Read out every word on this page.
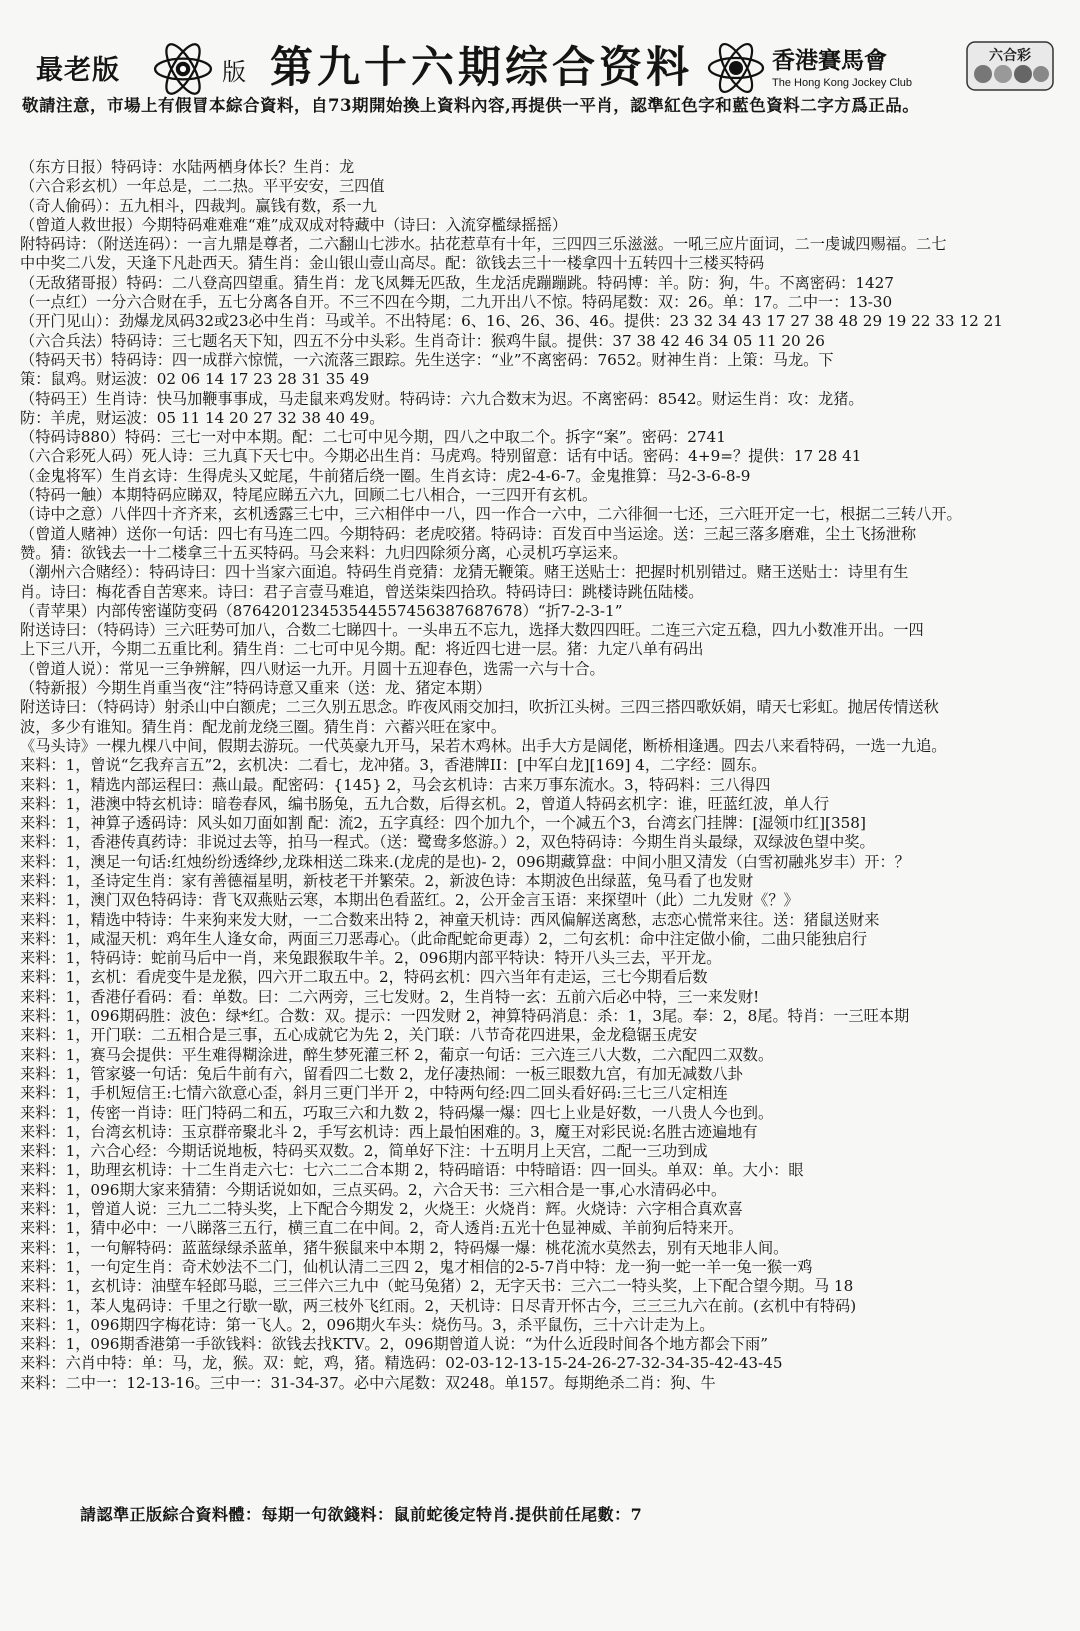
最老版	版 第九十六期综合资料	香港賽馬會
The Hong Kong Jockey Club
六合彩
敬請注意，市場上有假冒本綜合資料，自73期開始換上資料內容,再提供一平肖，認準紅色字和藍色資料二字方爲正品。
（东方日报）特码诗：水陆两栖身体长？生肖：龙
（六合彩玄机）一年总是，二二热。平平安安，三四值
（奇人偷码）：五九相斗，四裁判。赢钱有数，系一九
（曾道人救世报）今期特码难难难“难”成双成对特藏中（诗曰：入流穿檻绿摇摇）
附特码诗：（附送连码）：一言九鼎是尊者，二六翻山七涉水。拈花惹草有十年，三四四三乐滋滋。一吼三应片面词，二一虔诚四赐福。二七
中中奖二八发，天逢下凡赴西天。猜生肖：金山银山壹山高尽。配：欲钱去三十一楼拿四十五转四十三楼买特码
（无敌猪哥报）特码：二八登高四望重。猜生肖：龙飞凤舞无匹敌，生龙活虎蹦蹦跳。特码博：羊。防：狗，牛。不离密码：1427
（一点红）一分六合财在手，五七分离各自开。不三不四在今期，二九开出八不惊。特码尾数：双：26。单：17。二中一：13-30
（开门见山）：劲爆龙凤码32或23必中生肖：马或羊。不出特尾：6、16、26、36、46。提供：23 32 34 43 17 27 38 48 29 19 22 33 12 21
（六合兵法）特码诗：三七题名天下知，四五不分中头彩。生肖奇计：猴鸡牛鼠。提供：37 38 42 46 34 05 11 20 26
（特码天书）特码诗：四一成群六惊慌，一六流落三跟踪。先生送字：“业”不离密码：7652。财神生肖：上策：马龙。下
策：鼠鸡。财运波：02 06 14 17 23 28 31 35 49
（特码王）生肖诗：快马加鞭事事成，马走鼠来鸡发财。特码诗：六九合数末为迟。不离密码：8542。财运生肖：攻：龙猪。
防：羊虎，财运波：05 11 14 20 27 32 38 40 49。
（特码诗880）特码：三七一对中本期。配：二七可中见今期，四八之中取二个。拆字“案”。密码：2741
（六合彩死人码）死人诗：三九真下天七中。今期必出生肖：马虎鸡。特别留意：话有中话。密码：4+9=？提供：17 28 41
（金鬼将军）生肖玄诗：生得虎头又蛇尾，牛前猪后绕一圈。生肖玄诗：虎2-4-6-7。金鬼推算：马2-3-6-8-9
（特码一触）本期特码应睇双，特尾应睇五六九，回顾二七八相合，一三四开有玄机。
（诗中之意）八伴四十齐齐来，玄机透露三七中，三六相伴中一八，四一作合一六中，二六徘徊一七还，三六旺开定一七，根据二三转八开。
（曾道人赌神）送你一句话：四七有马连二四。今期特码：老虎咬猪。特码诗：百发百中当运途。送：三起三落多磨难，尘土飞扬泄称
赞。猜：欲钱去一十二楼拿三十五买特码。马会来料：九归四除须分离，心灵机巧享运来。
（潮州六合赌经）：特码诗曰：四十当家六面追。特码生肖竞猜：龙猜无鞭策。赌王送贴士：把握时机别错过。赌王送贴士：诗里有生
肖。诗曰：梅花香自苦寒来。诗曰：君子言壹马难追，曾送柒柒四拾玖。特码诗曰：跳楼诗跳伍陆楼。
（青苹果）内部传密谨防变码（87642012345354455745638768767​8）“折7-2-3-1”
附送诗曰：（特码诗）三六旺势可加八，合数二七睇四十。一头串五不忘九，选择大数四四旺。二连三六定五稳，四九小数准开出。一四
上下三八开，今期二五重比利。猜生肖：二七可中见今期。配：将近四七进一层。猪：九定八单有码出
（曾道人说）：常见一三争辨解，四八财运一九开。月圆十五迎春色，选需一六与十合。
（特新报）今期生肖重当夜“注”特码诗意又重来（送：龙、猪定本期）
附送诗曰：（特码诗）射杀山中白额虎；二三久别五思念。昨夜风雨交加扫，吹折江头树。三四三搭四歌妖娟，晴天七彩虹。抛居传情送秋
波，多少有谁知。猜生肖：配龙前龙绕三圈。猜生肖：六蓄兴旺在家中。
《马头诗》一棵九棵八中间，假期去游玩。一代英豪九开马，呆若木鸡林。出手大方是阔佬，断桥相逢遇。四去八来看特码，一选一九追。
来料：1，曾说“乞我弃言五”2，玄机决：二看七，龙冲猪。3，香港牌II：[中军白龙][169] 4，二字经：圆东。
来料：1，精选内部运程曰：燕山最。配密码：{145} 2，马会玄机诗：古来万事东流水。3，特码料：三八得四
来料：1，港澳中特玄机诗：暗卷春风，编书肠兔，五九合数，后得玄机。2，曾道人特码玄机字：谁，旺蓝红波，单人行
来料：1，神算子透码诗：风头如刀面如割 配：流2，五字真经：四个加九个，一个减五个3，台湾玄门挂牌：[湿领巾红][358]
来料：1，香港传真药诗：非说过去等，拍马一程式。（送：鹭鸯多悠游。）2，双色特码诗：今期生肖头最绿，双绿波色望中奖。
来料：1，澳足一句话:红烛纷纷透绛纱,龙珠相送二珠来.(龙虎的是也)- 2，096期藏算盘：中间小胆又清发（白雪初融兆岁丰）开：？
来料：1，圣诗定生肖：家有善德福星明，新枝老干并繁荣。2，新波色诗：本期波色出绿蓝，兔马看了也发财
来料：1，澳门双色特码诗：背飞双燕贴云寒，本期出色看蓝红。2，公开金言玉语：来探望叶（此）二九发财《？》
来料：1，精选中特诗：牛来狗来发大财，一二合数来出特 2，神童天机诗：西风偏解送离愁，志恋心慌常来往。送：猪鼠送财来
来料：1，咸湿天机：鸡年生人逢女命，两面三刀恶毒心。（此命配蛇命更毒）2，二句玄机：命中注定做小偷，二曲只能独启行
来料：1，特码诗：蛇前马后中一肖，来兔跟猴取牛羊。2，096期内部平特诀：特开八头三去，平开龙。
来料：1，玄机：看虎变牛是龙猴，四六开二取五中。2，特码玄机：四六当年有走运，三七今期看后数
来料：1，香港仔看码：看：单数。曰：二六两旁，三七发财。2，生肖特一玄：五前六后必中特，三一来发财!
来料：1，096期码胜：波色：绿*红。合数：双。提示：一四发财 2，神算特码消息：杀：1，3尾。奉：2，8尾。特肖：一三旺本期
来料：1，开门联：二五相合是三事，五心成就它为先 2，关门联：八节奇花四进果，金龙稳锯玉虎安
来料：1，赛马会提供：平生难得糊涂进，醉生梦死灌三杯 2，葡京一句话：三六连三八大数，二六配四二双数。
来料：1，管家婆一句话：兔后牛前有六，留看四二七数 2，龙仔凄热闹：一板三眼数九宫，有加无减数八卦
来料：1，手机短信王:七情六欲意心歪，斜月三更门半开 2，中特两句经:四二回头看好码:三七三八定相连
来料：1，传密一肖诗：旺门特码二和五，巧取三六和九数 2，特码爆一爆：四七上业是好数，一八贵人今也到。
来料：1，台湾玄机诗：玉京群帝聚北斗 2，手写玄机诗：西上最怕困难的。3，魔王对彩民说:名胜古迹遍地有
来料：1，六合心经：今期话说地板，特码买双数。2，简单好下注：十五明月上天宫，二配一三功到成
来料：1，助理玄机诗：十二生肖走六七：七六二二合本期 2，特码暗语：中特暗语：四一回头。单双：单。大小：眼
来料：1，096期大家来猜猜：今期话说如如，三点买码。2，六合天书：三六相合是一事,心水清码必中。
来料：1，曾道人说：三九二二特头奖，上下配合今期发 2，火烧王：火烧肖：辉。火烧诗：六字相合真欢喜
来料：1，猜中必中：一八睇落三五行，横三直二在中间。2，奇人透肖:五光十色显神威、羊前狗后特来开。
来料：1，一句解特码：蓝蓝绿绿杀蓝单，猪牛猴鼠来中本期 2，特码爆一爆：桃花流水莫然去，别有天地非人间。
来料：1，一句定生肖：奇术妙法不二门，仙机认清二三四 2，鬼才相信的2-5-7肖中特：龙一狗一蛇一羊一兔一猴一鸡
来料：1，玄机诗：油壁车轻郎马聪，三三伴六三九中（蛇马兔猪）2，无字天书：三六二一特头奖，上下配合望今期。马 18
来料：1，苯人鬼码诗：千里之行歇一歇，两三枝外飞红雨。2，天机诗：日尽青开怀古今，三三三九六在前。(玄机中有特码)
来料：1，096期四字梅花诗：第一飞人。2，096期火车头：烧伤马。3，杀平鼠伤，三十六计走为上。
来料：1，096期香港第一手欲钱料：欲钱去找KTV。2，096期曾道人说：“为什么近段时间各个地方都会下雨”
来料：六肖中特：单：马，龙，猴。双：蛇，鸡，猪。精选码：02-03-12-13-15-24-26-27-32-34-35-42-43-45
来料：二中一：12-13-16。三中一：31-34-37。必中六尾数：双248。单157。每期绝杀二肖：狗、牛
請認準正版綜合資料體：每期一句欲錢料：鼠前蛇後定特肖.提供前任尾數：7
